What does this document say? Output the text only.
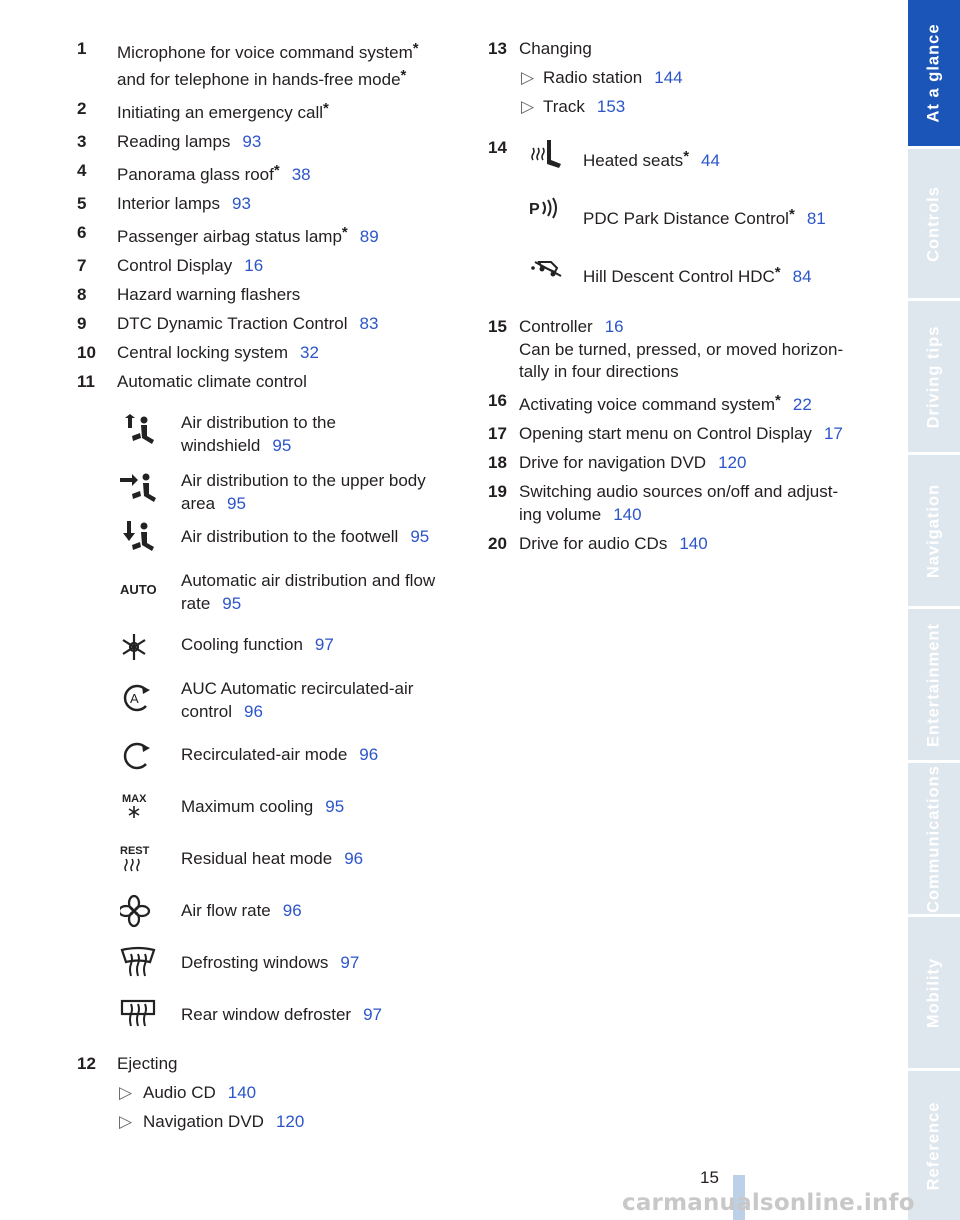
1 Microphone for voice command system*
and for telephone in hands-free mode*
2 Initiating an emergency call*
3 Reading lamps 93
4 Panorama glass roof* 38
5 Interior lamps 93
6 Passenger airbag status lamp* 89
7 Control Display 16
8 Hazard warning flashers
9 DTC Dynamic Traction Control 83
10 Central locking system 32
11 Automatic climate control
Air distribution to the
windshield 95
Air distribution to the upper body
area 95
Air distribution to the footwell 95
AUTO Automatic air distribution and flow
rate 95
Cooling function 97
A
AUC Automatic recirculated-air
control 96
Recirculated-air mode 96
MAX Maximum cooling 95
REST Residual heat mode 96
Air flow rate 96
Defrosting windows 97
Rear window defroster 97
12 Ejecting
▷ Audio CD 140
▷ Navigation DVD 120
13 Changing
▷ Radio station 144
▷ Track 153
14
Heated seats* 44
P	PDC Park Distance Control* 81
Hill Descent Control HDC* 84
15 Controller 16
Can be turned, pressed, or moved horizon-
tally in four directions
16 Activating voice command system* 22
17 Opening start menu on Control Display 17
18 Drive for navigation DVD 120
19 Switching audio sources on/off and adjust-
ing volume 140
20 Drive for audio CDs 140
At a glance
Controls
Driving tips
Navigation
Entertainment
Communications
Mobility
Reference
15
carmanualsonline.info
